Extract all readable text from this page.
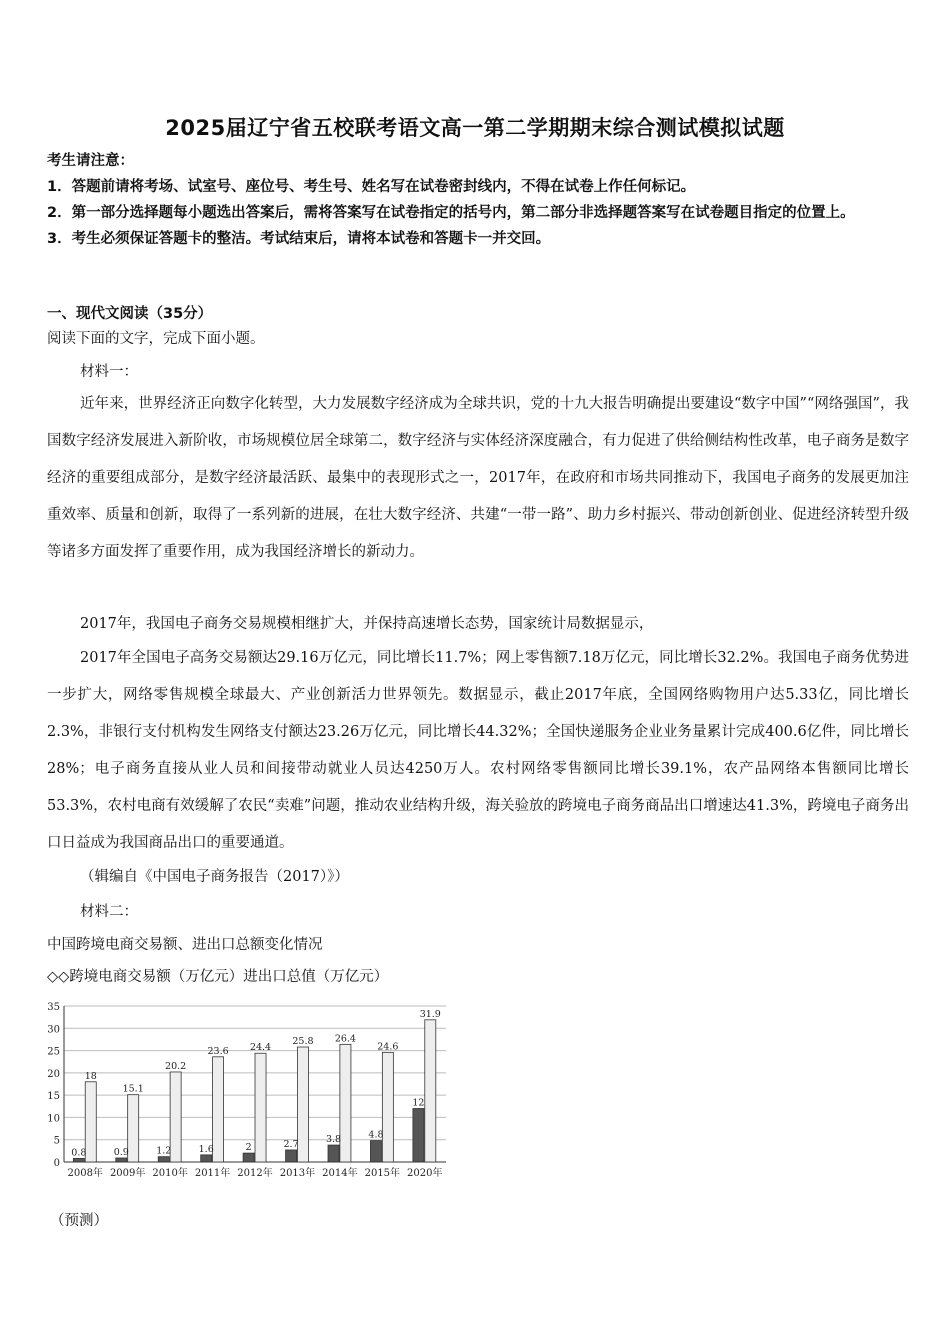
2025届辽宁省五校联考语文高一第二学期期末综合测试模拟试题
考生请注意：
1．答题前请将考场、试室号、座位号、考生号、姓名写在试卷密封线内，不得在试卷上作任何标记。
2．第一部分选择题每小题选出答案后，需将答案写在试卷指定的括号内，第二部分非选择题答案写在试卷题目指定的位置上。
3．考生必须保证答题卡的整洁。考试结束后，请将本试卷和答题卡一并交回。
一、现代文阅读（35分）
阅读下面的文字，完成下面小题。
材料一：
近年来，世界经济正向数字化转型，大力发展数字经济成为全球共识，党的十九大报告明确提出要建设“数字中国”“网络强国”，我国数字经济发展进入新阶收，市场规模位居全球第二，数字经济与实体经济深度融合，有力促进了供给侧结构性改革，电子商务是数字经济的重要组成部分，是数字经济最活跃、最集中的表现形式之一，2017年，在政府和市场共同推动下，我国电子商务的发展更加注重效率、质量和创新，取得了一系列新的进展，在壮大数字经济、共建“一带一路”、助力乡村振兴、带动创新创业、促进经济转型升级等诸多方面发挥了重要作用，成为我国经济增长的新动力。
2017年，我国电子商务交易规模相继扩大，并保持高速增长态势，国家统计局数据显示，
2017年全国电子高务交易额达29.16万亿元，同比增长11.7%；网上零售额7.18万亿元，同比增长32.2%。我国电子商务优势进一步扩大，网络零售规模全球最大、产业创新活力世界领先。数据显示，截止2017年底，全国网络购物用户达5.33亿，同比增长2.3%，非银行支付机构发生网络支付额达23.26万亿元，同比增长44.32%；全国快递服务企业业务量累计完成400.6亿件，同比增长28%；电子商务直接从业人员和间接带动就业人员达4250万人。农村网络零售额同比增长39.1%，农产品网络本售额同比增长53.3%，农村电商有效缓解了农民“卖难”问题，推动农业结构升级，海关验放的跨境电子商务商品出口增速达41.3%，跨境电子商务出口日益成为我国商品出口的重要通道。
（辑编自《中国电子商务报告（2017）》）
材料二：
中国跨境电商交易额、进出口总额变化情况
◇◇跨境电商交易额（万亿元）进出口总值（万亿元）
0
5
10
15
20
25
30
35
0.8
18
2008年
0.9
15.1
2009年
1.2
20.2
2010年
1.6
23.6
2011年
2
24.4
2012年
2.7
25.8
2013年
3.8
26.4
2014年
4.8
24.6
2015年
12
31.9
2020年
（预测）
